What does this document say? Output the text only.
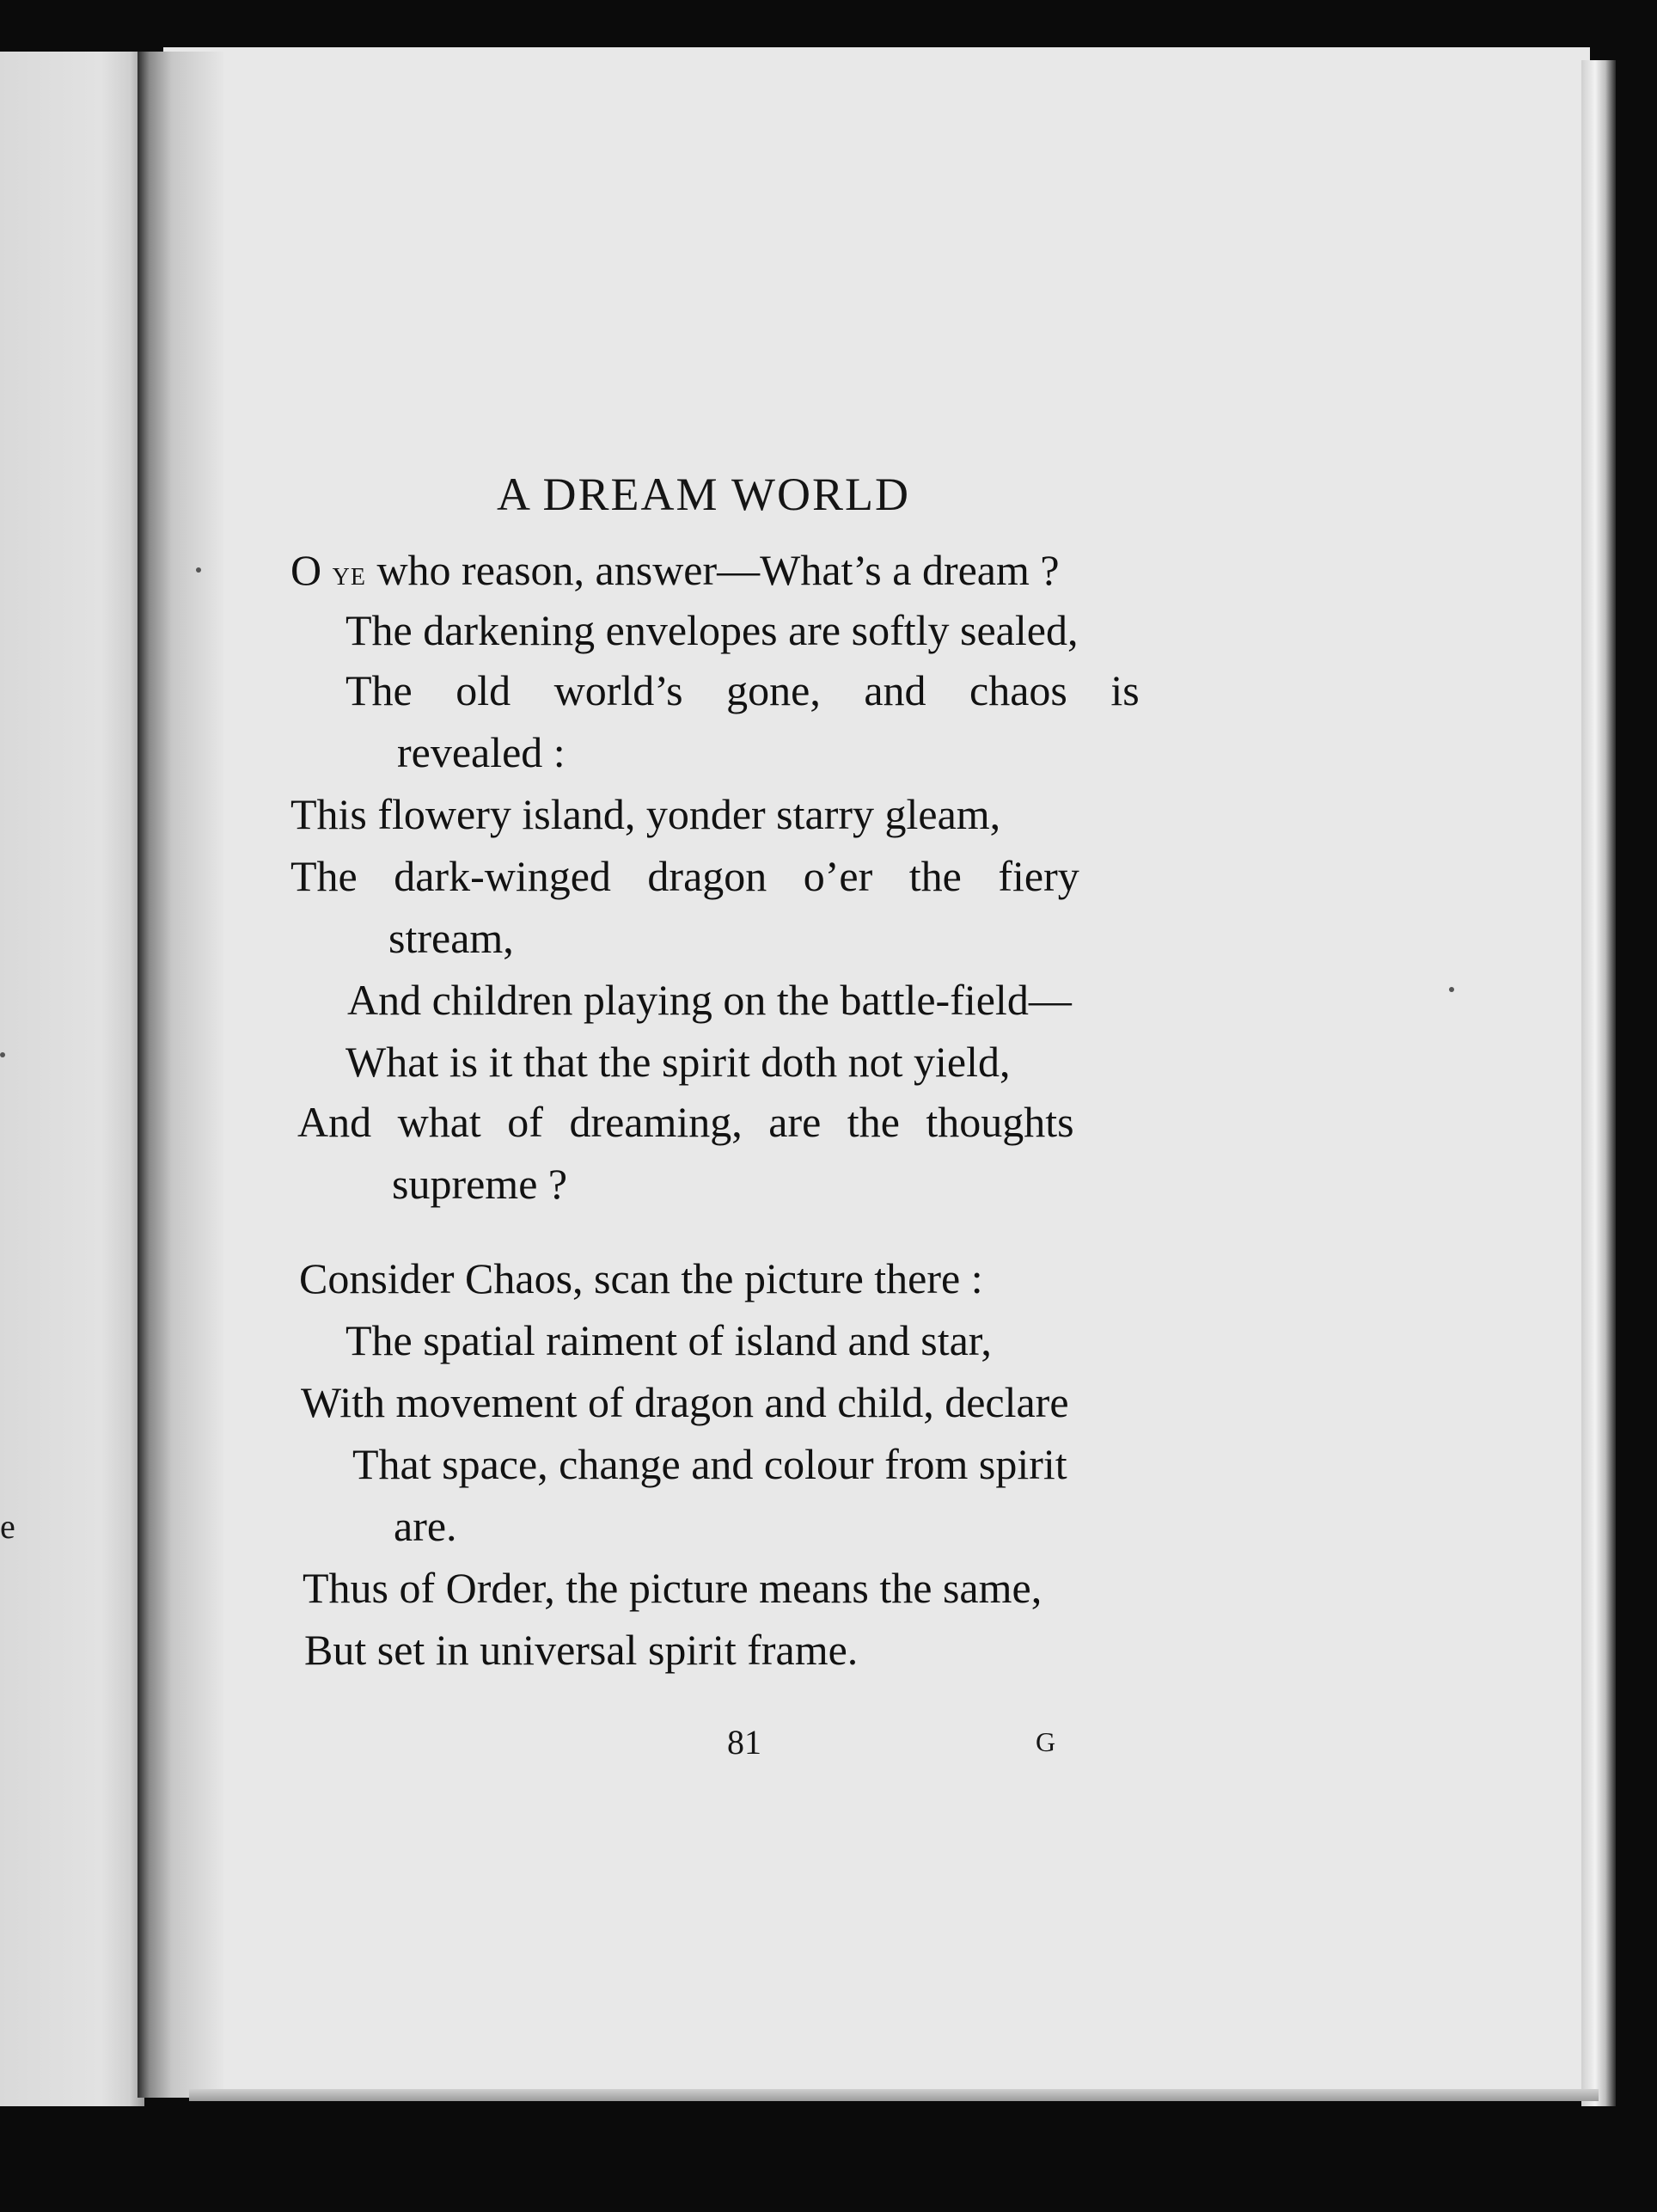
e
A DREAM WORLD
O ye who reason, answer—What’s a dream ?
The darkening envelopes are softly sealed,
The old world’s gone, and chaos is
revealed :
This flowery island, yonder starry gleam,
The dark-winged dragon o’er the fiery
stream,
And children playing on the battle-field—
What is it that the spirit doth not yield,
And what of dreaming, are the thoughts
supreme ?
Consider Chaos, scan the picture there :
The spatial raiment of island and star,
With movement of dragon and child, declare
That space, change and colour from spirit
are.
Thus of Order, the picture means the same,
But set in universal spirit frame.
81	G
